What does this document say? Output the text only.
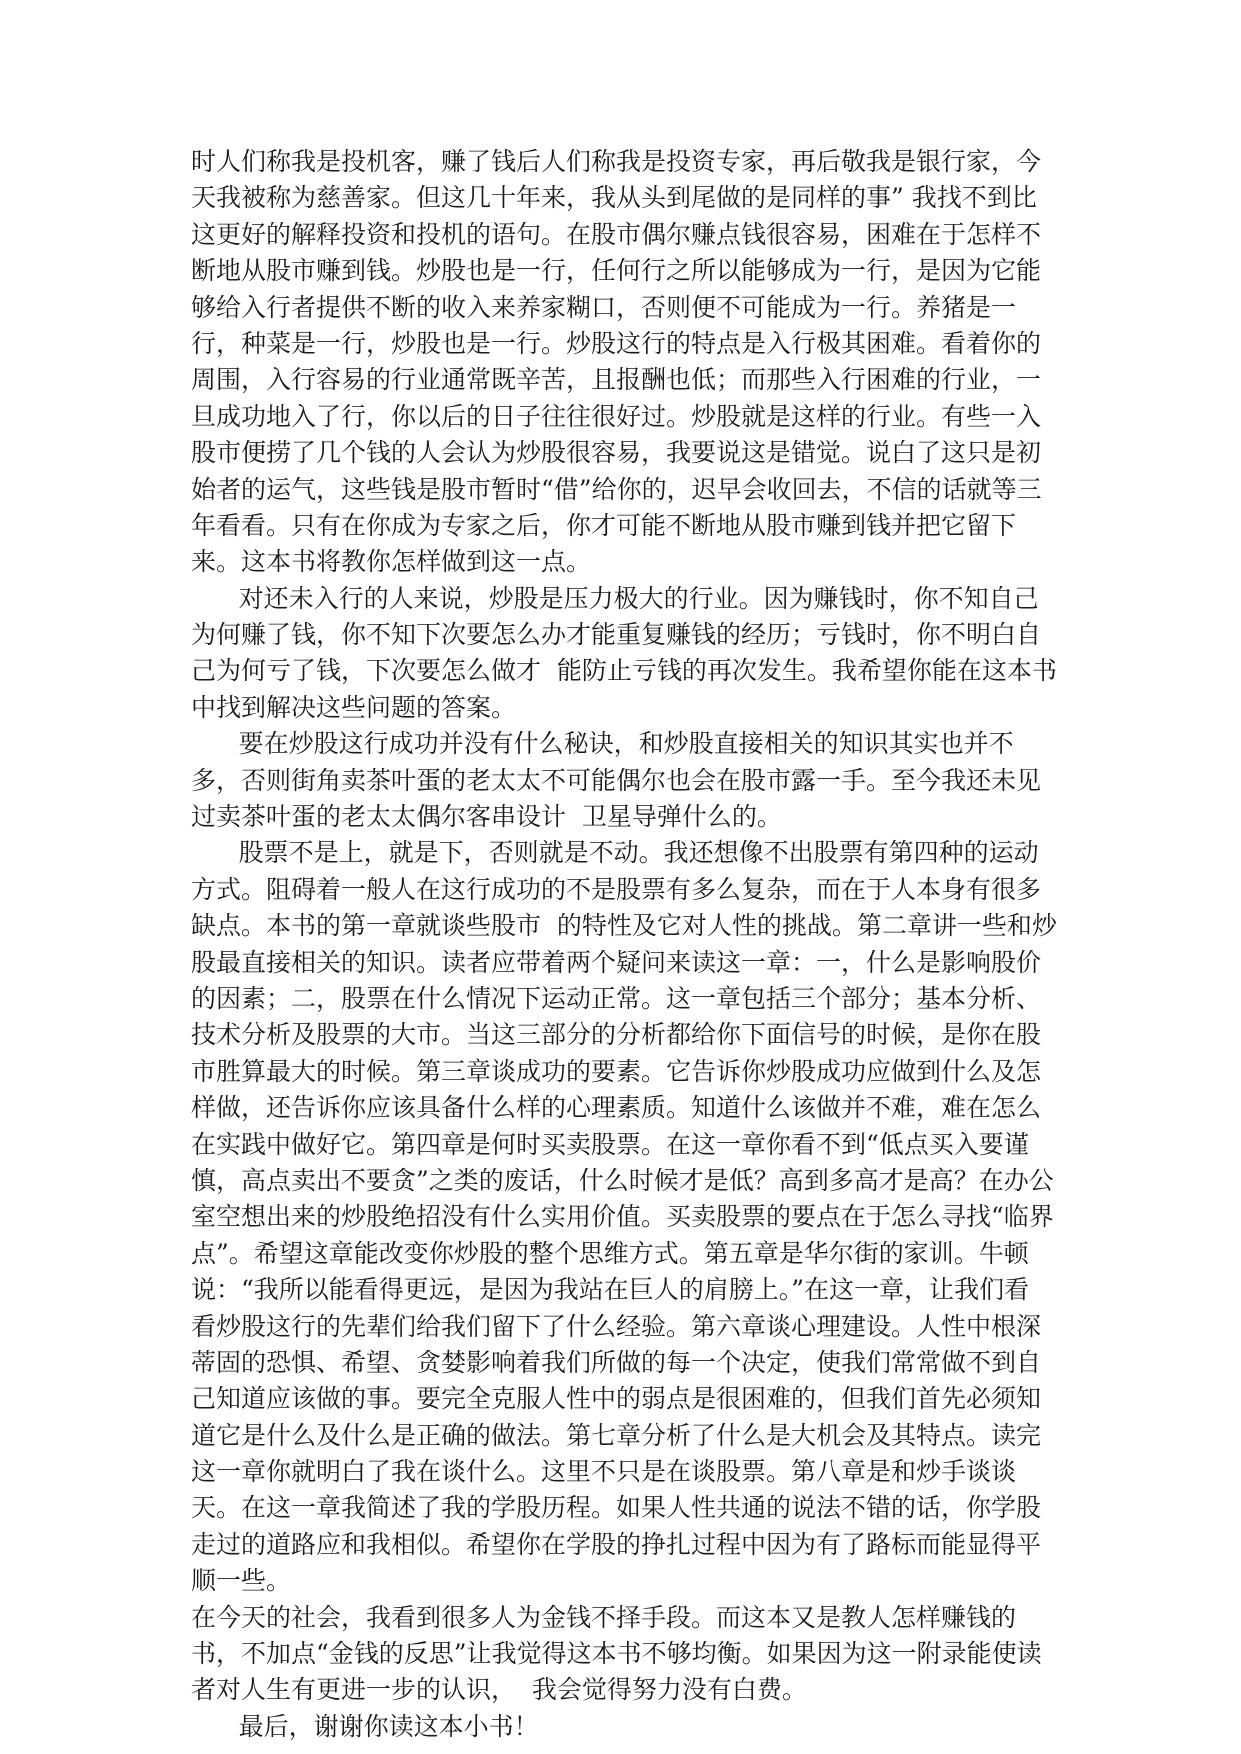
时人们称我是投机客，赚了钱后人们称我是投资专家，再后敬我是银行家，今
天我被称为慈善家。但这几十年来，我从头到尾做的是同样的事” 我找不到比
这更好的解释投资和投机的语句。在股市偶尔赚点钱很容易，困难在于怎样不
断地从股市赚到钱。炒股也是一行，任何行之所以能够成为一行，是因为它能
够给入行者提供不断的收入来养家糊口，否则便不可能成为一行。养猪是一
行，种菜是一行，炒股也是一行。炒股这行的特点是入行极其困难。看着你的
周围，入行容易的行业通常既辛苦，且报酬也低；而那些入行困难的行业，一
旦成功地入了行，你以后的日子往往很好过。炒股就是这样的行业。有些一入
股市便捞了几个钱的人会认为炒股很容易，我要说这是错觉。说白了这只是初
始者的运气，这些钱是股市暂时“借”给你的，迟早会收回去，不信的话就等三
年看看。只有在你成为专家之后，你才可能不断地从股市赚到钱并把它留下
来。这本书将教你怎样做到这一点。
对还未入行的人来说，炒股是压力极大的行业。因为赚钱时，你不知自己
为何赚了钱，你不知下次要怎么办才能重复赚钱的经历；亏钱时，你不明白自
己为何亏了钱，下次要怎么做才  能防止亏钱的再次发生。我希望你能在这本书
中找到解决这些问题的答案。
要在炒股这行成功并没有什么秘诀，和炒股直接相关的知识其实也并不
多，否则街角卖茶叶蛋的老太太不可能偶尔也会在股市露一手。至今我还未见
过卖茶叶蛋的老太太偶尔客串设计  卫星导弹什么的。
股票不是上，就是下，否则就是不动。我还想像不出股票有第四种的运动
方式。阻碍着一般人在这行成功的不是股票有多么复杂，而在于人本身有很多
缺点。本书的第一章就谈些股市  的特性及它对人性的挑战。第二章讲一些和炒
股最直接相关的知识。读者应带着两个疑问来读这一章：一，什么是影响股价
的因素；二，股票在什么情况下运动正常。这一章包括三个部分；基本分析、
技术分析及股票的大市。当这三部分的分析都给你下面信号的时候，是你在股
市胜算最大的时候。第三章谈成功的要素。它告诉你炒股成功应做到什么及怎
样做，还告诉你应该具备什么样的心理素质。知道什么该做并不难，难在怎么
在实践中做好它。第四章是何时买卖股票。在这一章你看不到“低点买入要谨
慎，高点卖出不要贪”之类的废话，什么时候才是低？高到多高才是高？在办公
室空想出来的炒股绝招没有什么实用价值。买卖股票的要点在于怎么寻找“临界
点”。希望这章能改变你炒股的整个思维方式。第五章是华尔街的家训。牛顿
说：“我所以能看得更远，是因为我站在巨人的肩膀上。”在这一章，让我们看
看炒股这行的先辈们给我们留下了什么经验。第六章谈心理建设。人性中根深
蒂固的恐惧、希望、贪婪影响着我们所做的每一个决定，使我们常常做不到自
己知道应该做的事。要完全克服人性中的弱点是很困难的，但我们首先必须知
道它是什么及什么是正确的做法。第七章分析了什么是大机会及其特点。读完
这一章你就明白了我在谈什么。这里不只是在谈股票。第八章是和炒手谈谈
天。在这一章我简述了我的学股历程。如果人性共通的说法不错的话，你学股
走过的道路应和我相似。希望你在学股的挣扎过程中因为有了路标而能显得平
顺一些。
在今天的社会，我看到很多人为金钱不择手段。而这本又是教人怎样赚钱的
书，不加点“金钱的反思”让我觉得这本书不够均衡。如果因为这一附录能使读
者对人生有更进一步的认识，  我会觉得努力没有白费。
最后，谢谢你读这本小书！
